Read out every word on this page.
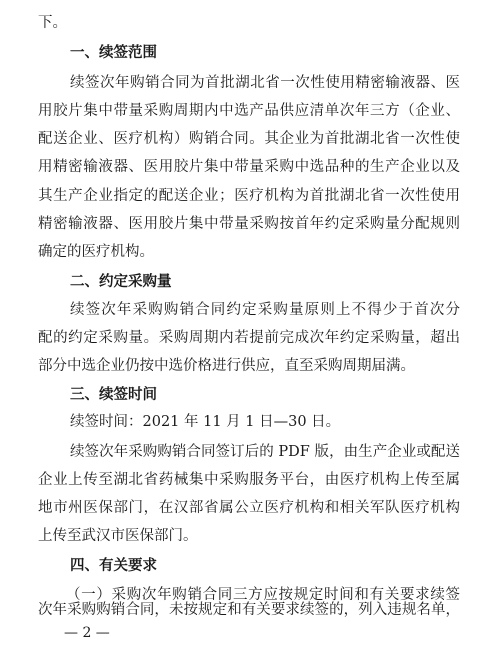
下。
一、续签范围
续签次年购销合同为首批湖北省一次性使用精密输液器、医
用胶片集中带量采购周期内中选产品供应清单次年三方（企业、
配送企业、医疗机构）购销合同。其企业为首批湖北省一次性使
用精密输液器、医用胶片集中带量采购中选品种的生产企业以及
其生产企业指定的配送企业；医疗机构为首批湖北省一次性使用
精密输液器、医用胶片集中带量采购按首年约定采购量分配规则
确定的医疗机构。
二、约定采购量
续签次年采购购销合同约定采购量原则上不得少于首次分
配的约定采购量。采购周期内若提前完成次年约定采购量，超出
部分中选企业仍按中选价格进行供应，直至采购周期届满。
三、续签时间
续签时间：2021 年 11 月 1 日—30 日。
续签次年采购购销合同签订后的 PDF 版，由生产企业或配送
企业上传至湖北省药械集中采购服务平台，由医疗机构上传至属
地市州医保部门，在汉部省属公立医疗机构和相关军队医疗机构
上传至武汉市医保部门。
四、有关要求
（一）采购次年购销合同三方应按规定时间和有关要求续签
次年采购购销合同，未按规定和有关要求续签的，列入违规名单，
— 2 —
